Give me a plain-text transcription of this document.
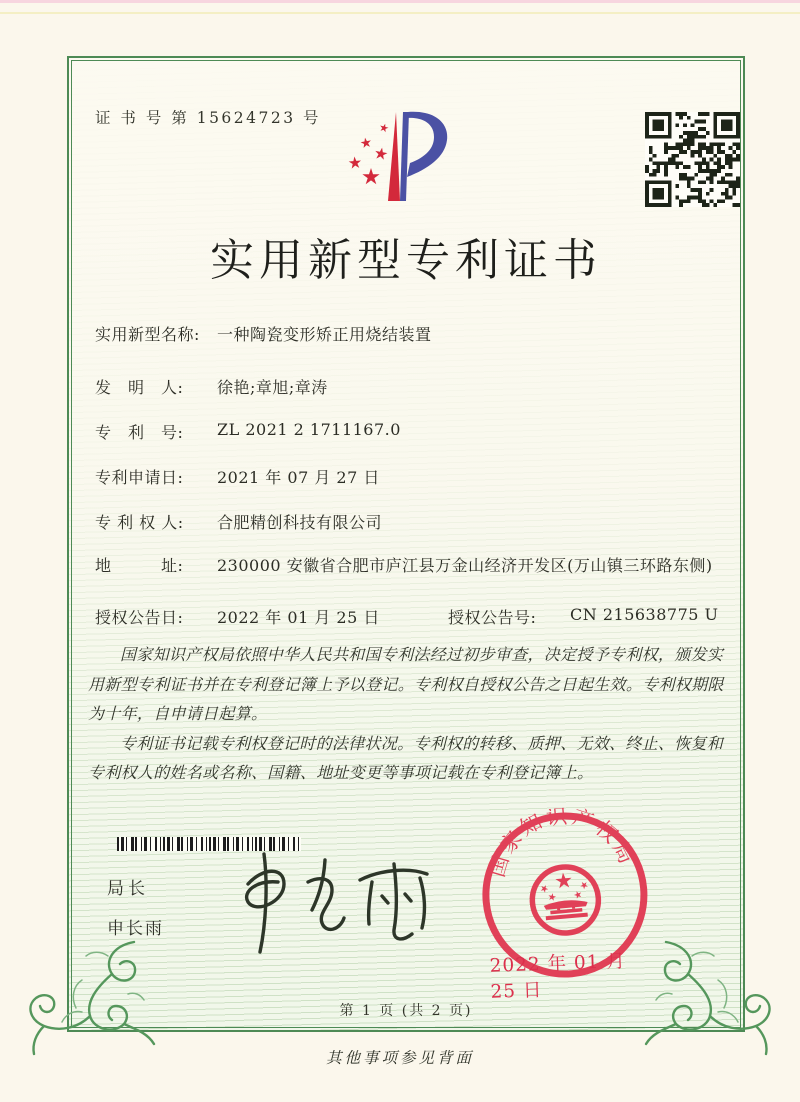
证 书 号 第 15624723 号
实用新型专利证书
实用新型名称:	一种陶瓷变形矫正用烧结装置
发　明　人:	徐艳;章旭;章涛
专　利　号:	ZL 2021 2 1711167.0
专利申请日:	2021 年 07 月 27 日
专 利 权 人:	合肥精创科技有限公司
地　　　址:	230000 安徽省合肥市庐江县万金山经济开发区(万山镇三环路东侧)
授权公告日:	2022 年 01 月 25 日	授权公告号:	CN 215638775 U

国家知识产权局依照中华人民共和国专利法经过初步审查，决定授予专利权，颁发实用新型专利证书并在专利登记簿上予以登记。专利权自授权公告之日起生效。专利权期限为十年，自申请日起算。

专利证书记载专利权登记时的法律状况。专利权的转移、质押、无效、终止、恢复和专利权人的姓名或名称、国籍、地址变更等事项记载在专利登记簿上。

局长
申长雨
国家知识产权局
2022 年 01 月 25 日
第 1 页 (共 2 页)
其他事项参见背面
